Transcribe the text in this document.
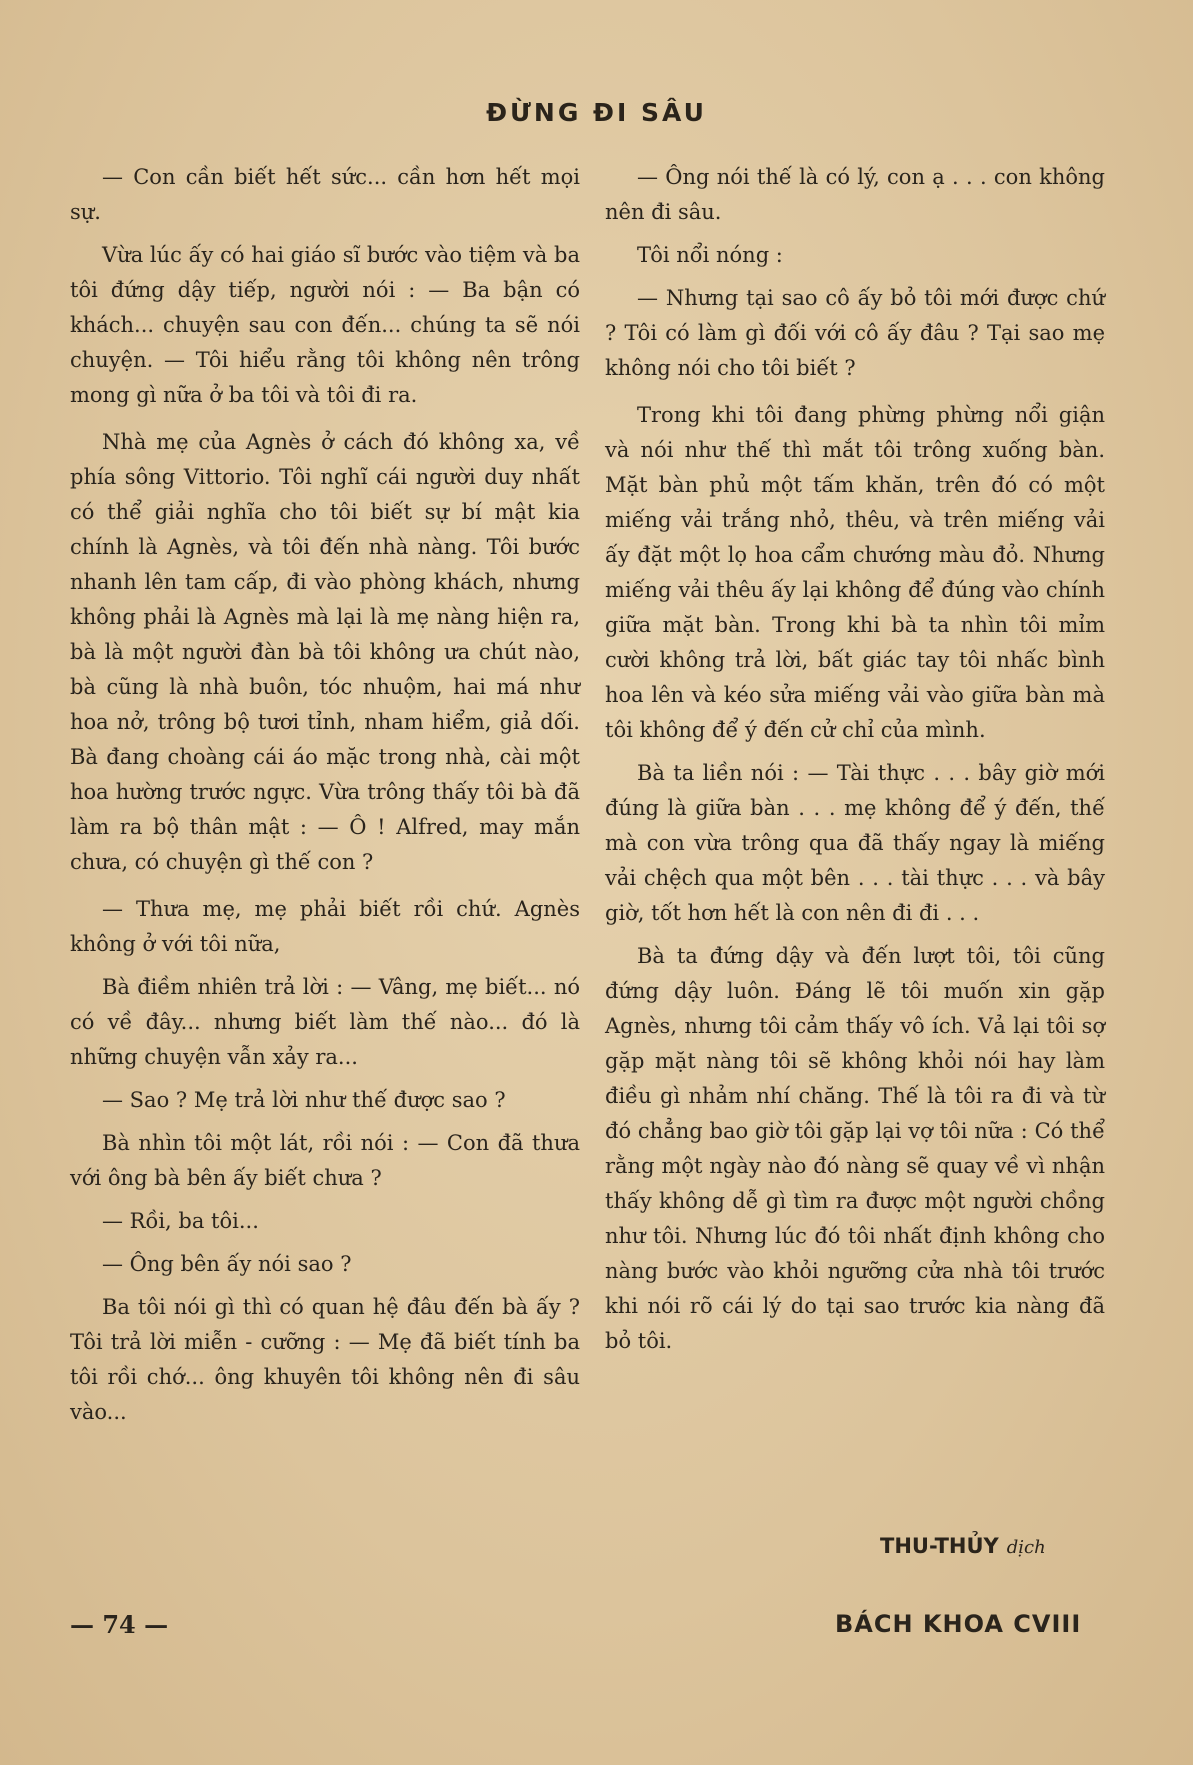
ĐỪNG ĐI SÂU

— Con cần biết hết sức... cần hơn hết mọi sự.

Vừa lúc ấy có hai giáo sĩ bước vào tiệm và ba tôi đứng dậy tiếp, người nói : — Ba bận có khách... chuyện sau con đến... chúng ta sẽ nói chuyện. — Tôi hiểu rằng tôi không nên trông mong gì nữa ở ba tôi và tôi đi ra.

Nhà mẹ của Agnès ở cách đó không xa, về phía sông Vittorio. Tôi nghĩ cái người duy nhất có thể giải nghĩa cho tôi biết sự bí mật kia chính là Agnès, và tôi đến nhà nàng. Tôi bước nhanh lên tam cấp, đi vào phòng khách, nhưng không phải là Agnès mà lại là mẹ nàng hiện ra, bà là một người đàn bà tôi không ưa chút nào, bà cũng là nhà buôn, tóc nhuộm, hai má như hoa nở, trông bộ tươi tỉnh, nham hiểm, giả dối. Bà đang choàng cái áo mặc trong nhà, cài một hoa hường trước ngực. Vừa trông thấy tôi bà đã làm ra bộ thân mật : — Ô ! Alfred, may mắn chưa, có chuyện gì thế con ?

— Thưa mẹ, mẹ phải biết rồi chứ. Agnès không ở với tôi nữa,

Bà điềm nhiên trả lời : — Vâng, mẹ biết... nó có về đây... nhưng biết làm thế nào... đó là những chuyện vẫn xảy ra...

— Sao ? Mẹ trả lời như thế được sao ?

Bà nhìn tôi một lát, rồi nói : — Con đã thưa với ông bà bên ấy biết chưa ?

— Rồi, ba tôi...

— Ông bên ấy nói sao ?

Ba tôi nói gì thì có quan hệ đâu đến bà ấy ? Tôi trả lời miễn - cưỡng : — Mẹ đã biết tính ba tôi rồi chớ... ông khuyên tôi không nên đi sâu vào...

— Ông nói thế là có lý, con ạ . . . con không nên đi sâu.

Tôi nổi nóng :

— Nhưng tại sao cô ấy bỏ tôi mới được chứ ? Tôi có làm gì đối với cô ấy đâu ? Tại sao mẹ không nói cho tôi biết ?

Trong khi tôi đang phừng phừng nổi giận và nói như thế thì mắt tôi trông xuống bàn. Mặt bàn phủ một tấm khăn, trên đó có một miếng vải trắng nhỏ, thêu, và trên miếng vải ấy đặt một lọ hoa cẩm chướng màu đỏ. Nhưng miếng vải thêu ấy lại không để đúng vào chính giữa mặt bàn. Trong khi bà ta nhìn tôi mỉm cười không trả lời, bất giác tay tôi nhấc bình hoa lên và kéo sửa miếng vải vào giữa bàn mà tôi không để ý đến cử chỉ của mình.

Bà ta liền nói : — Tài thực . . . bây giờ mới đúng là giữa bàn . . . mẹ không để ý đến, thế mà con vừa trông qua đã thấy ngay là miếng vải chệch qua một bên . . . tài thực . . . và bây giờ, tốt hơn hết là con nên đi đi . . .

Bà ta đứng dậy và đến lượt tôi, tôi cũng đứng dậy luôn. Đáng lẽ tôi muốn xin gặp Agnès, nhưng tôi cảm thấy vô ích. Vả lại tôi sợ gặp mặt nàng tôi sẽ không khỏi nói hay làm điều gì nhảm nhí chăng. Thế là tôi ra đi và từ đó chẳng bao giờ tôi gặp lại vợ tôi nữa : Có thể rằng một ngày nào đó nàng sẽ quay về vì nhận thấy không dễ gì tìm ra được một người chồng như tôi. Nhưng lúc đó tôi nhất định không cho nàng bước vào khỏi ngưỡng cửa nhà tôi trước khi nói rõ cái lý do tại sao trước kia nàng đã bỏ tôi.

THU-THỦY dịch
— 74 —	BÁCH KHOA CVIII
